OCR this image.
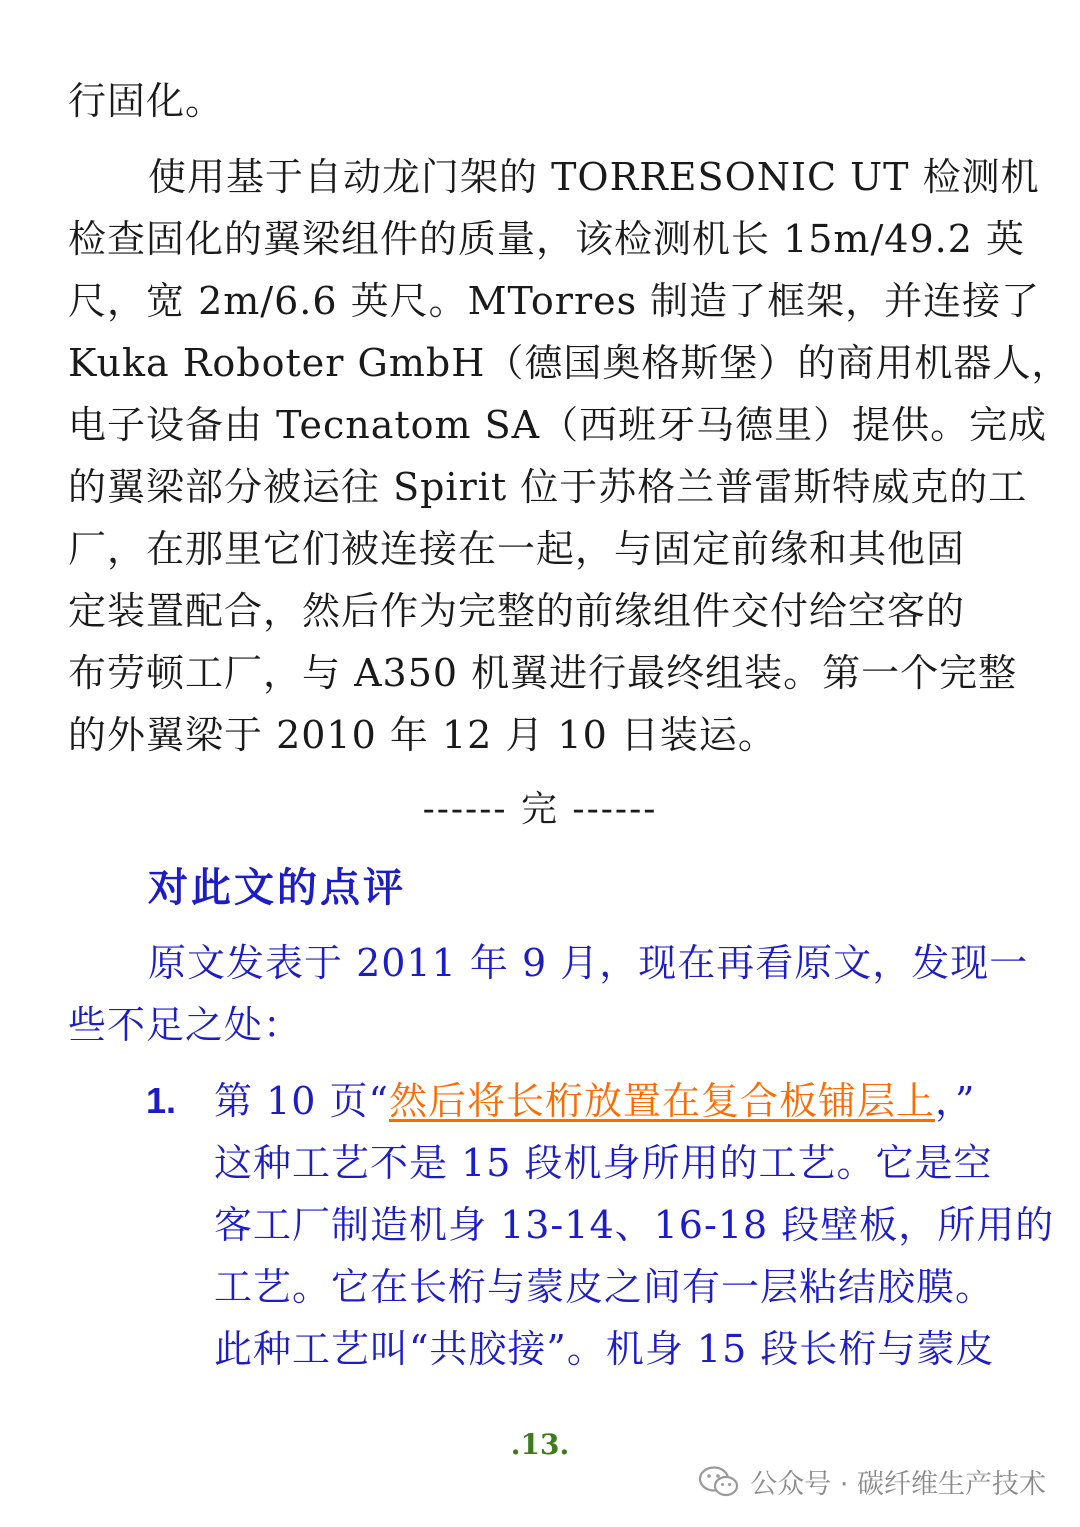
行固化。
使用基于自动龙门架的 TORRESONIC UT 检测机
检查固化的翼梁组件的质量，该检测机长 15m/49.2 英
尺，宽 2m/6.6 英尺。MTorres 制造了框架，并连接了
Kuka Roboter GmbH（德国奥格斯堡）的商用机器人，
电子设备由 Tecnatom SA（西班牙马德里）提供。完成
的翼梁部分被运往 Spirit 位于苏格兰普雷斯特威克的工
厂，在那里它们被连接在一起，与固定前缘和其他固
定装置配合，然后作为完整的前缘组件交付给空客的
布劳顿工厂，与 A350 机翼进行最终组装。第一个完整
的外翼梁于 2010 年 12 月 10 日装运。
------ 完 ------
对此文的点评
原文发表于 2011 年 9 月，现在再看原文，发现一
些不足之处：
1. 第 10 页“然后将长桁放置在复合板铺层上，”
这种工艺不是 15 段机身所用的工艺。它是空
客工厂制造机身 13-14、16-18 段壁板，所用的
工艺。它在长桁与蒙皮之间有一层粘结胶膜。
此种工艺叫“共胶接”。机身 15 段长桁与蒙皮
.13.
公众号 · 碳纤维生产技术
